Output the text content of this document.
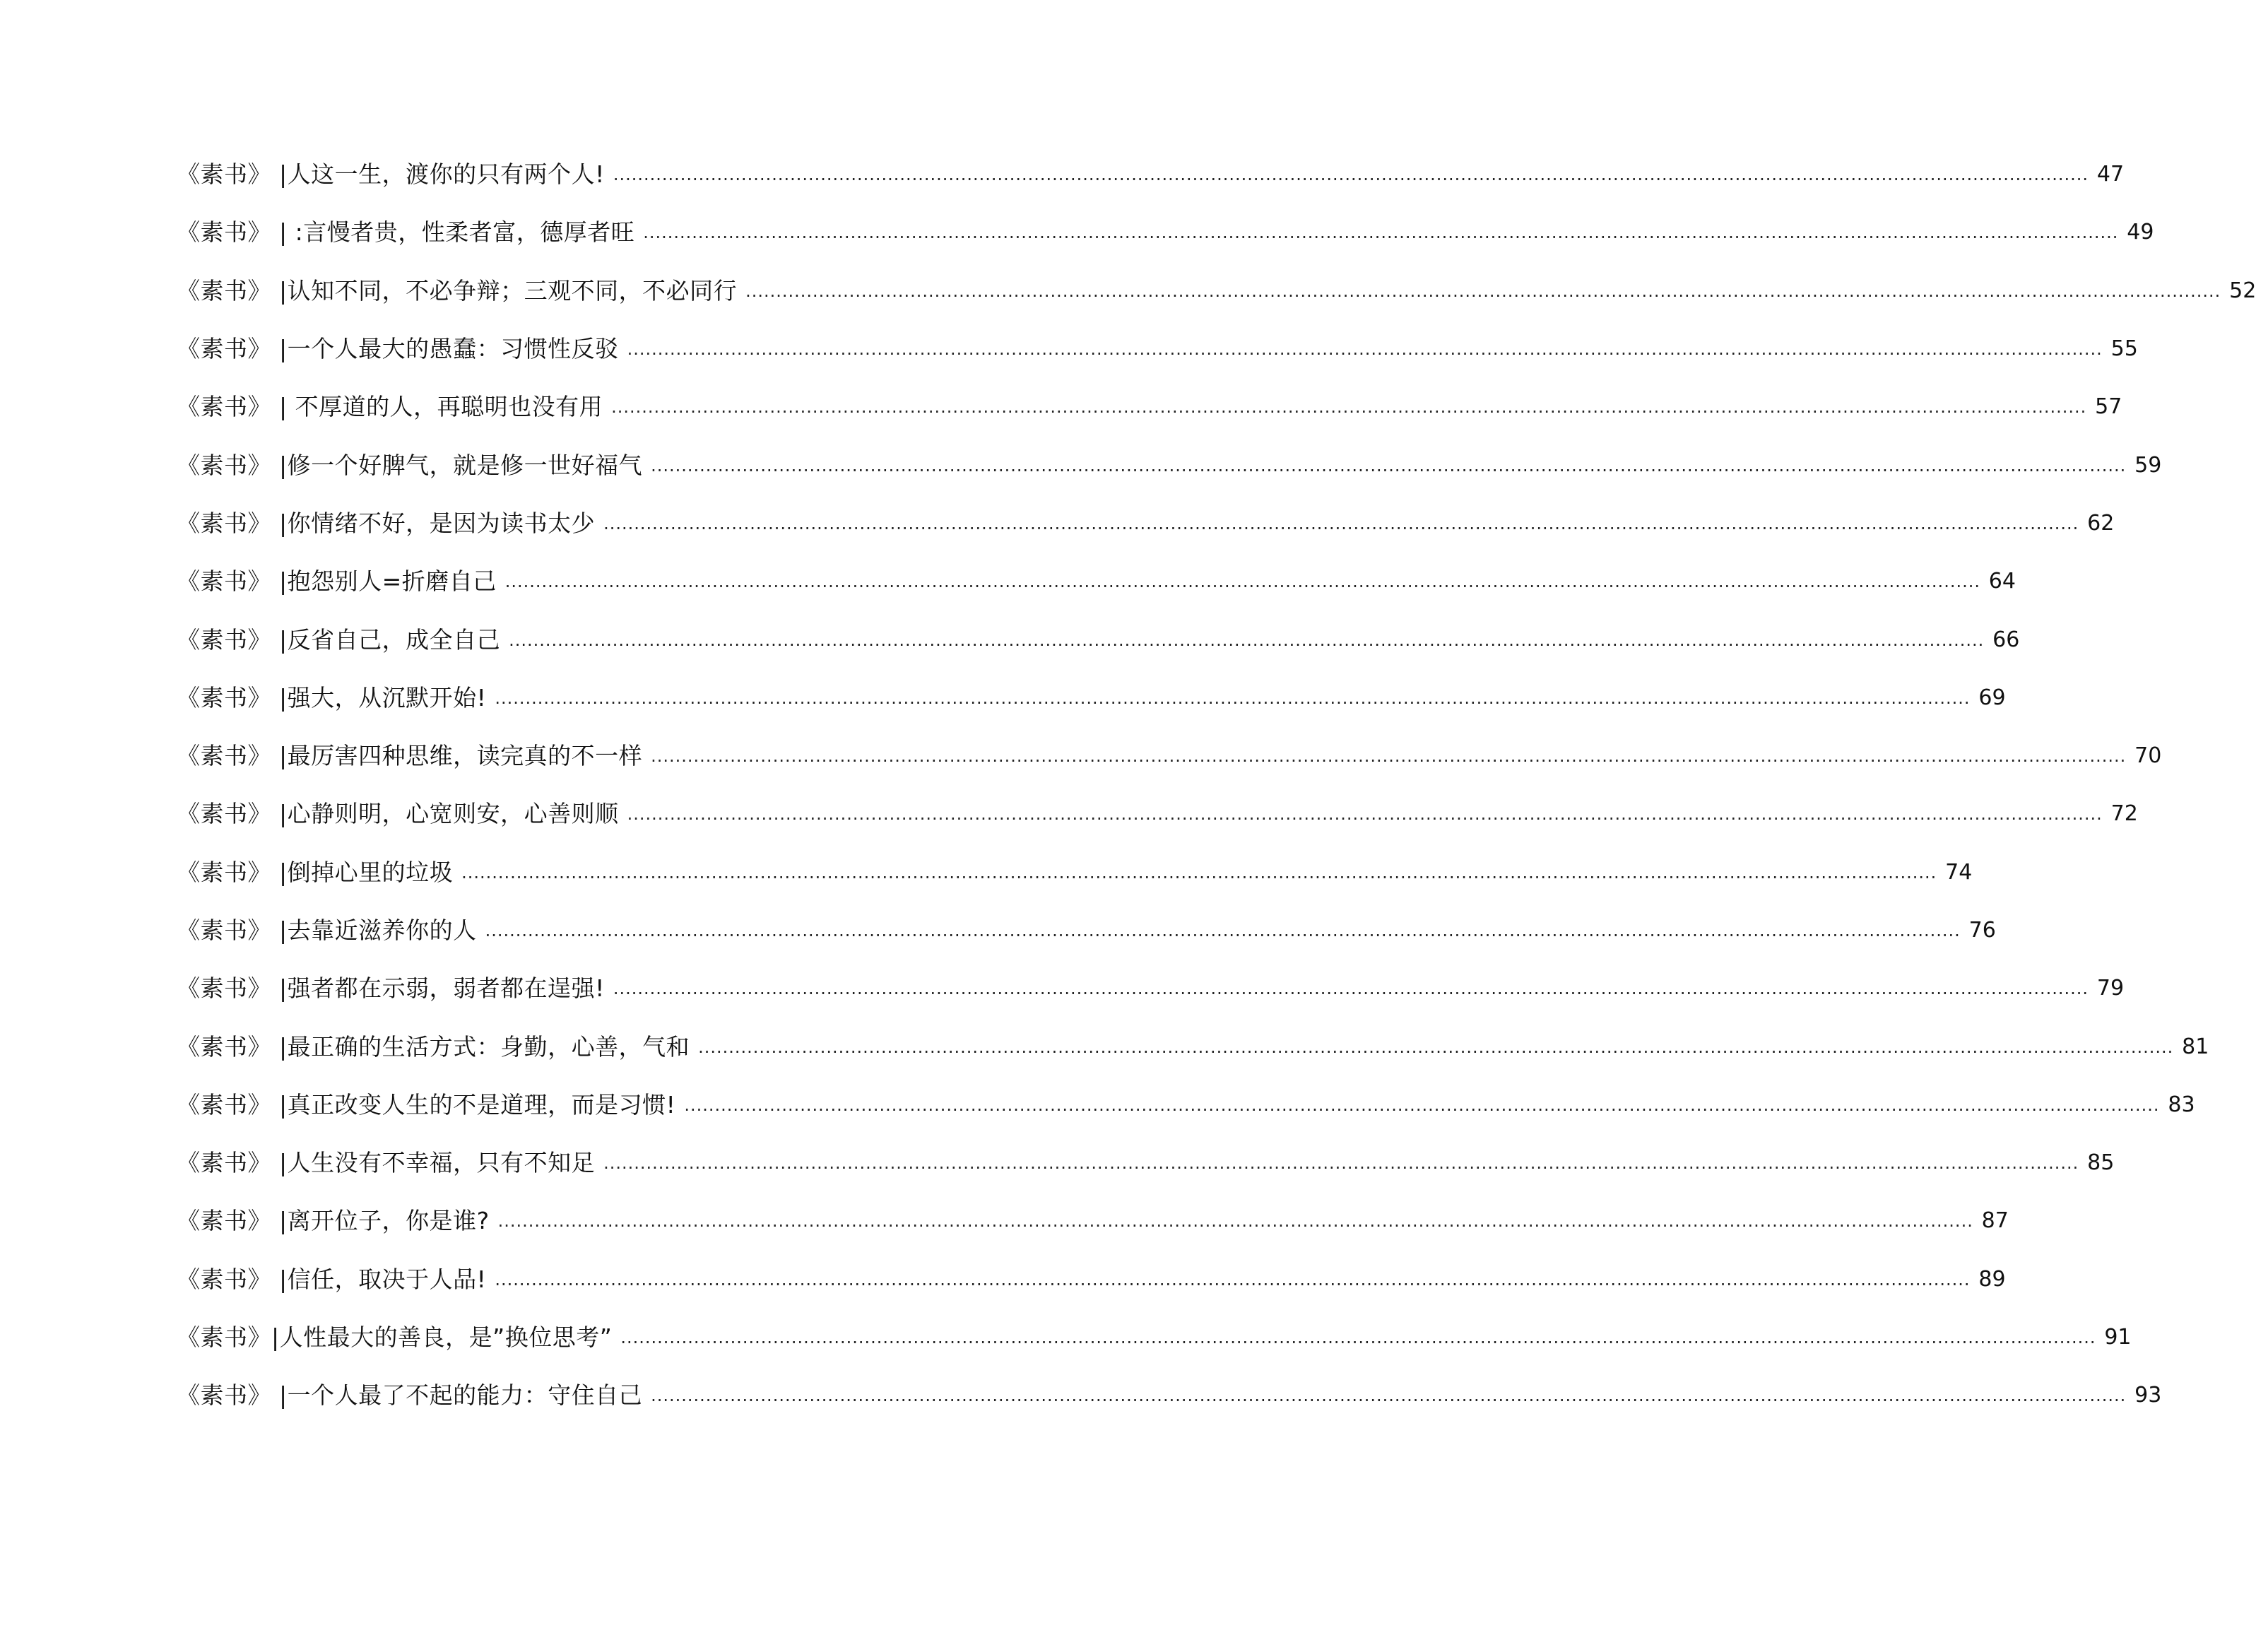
《素书》 |人这一生，渡你的只有两个人! .................................................................................................................................................................................................................................................. 47
《素书》 | :言慢者贵，性柔者富，德厚者旺 .................................................................................................................................................................................................................................................. 49
《素书》 |认知不同，不必争辩；三观不同，不必同行 .................................................................................................................................................................................................................................................. 52
《素书》 |一个人最大的愚蠢：习惯性反驳 .................................................................................................................................................................................................................................................. 55
《素书》 | 不厚道的人，再聪明也没有用 .................................................................................................................................................................................................................................................. 57
《素书》 |修一个好脾气，就是修一世好福气 .................................................................................................................................................................................................................................................. 59
《素书》 |你情绪不好，是因为读书太少 .................................................................................................................................................................................................................................................. 62
《素书》 |抱怨别人=折磨自己 .................................................................................................................................................................................................................................................. 64
《素书》 |反省自己，成全自己 .................................................................................................................................................................................................................................................. 66
《素书》 |强大，从沉默开始! .................................................................................................................................................................................................................................................. 69
《素书》 |最厉害四种思维，读完真的不一样 .................................................................................................................................................................................................................................................. 70
《素书》 |心静则明，心宽则安，心善则顺 .................................................................................................................................................................................................................................................. 72
《素书》 |倒掉心里的垃圾 .................................................................................................................................................................................................................................................. 74
《素书》 |去靠近滋养你的人 .................................................................................................................................................................................................................................................. 76
《素书》 |强者都在示弱，弱者都在逞强! .................................................................................................................................................................................................................................................. 79
《素书》 |最正确的生活方式：身勤，心善，气和 .................................................................................................................................................................................................................................................. 81
《素书》 |真正改变人生的不是道理，而是习惯! .................................................................................................................................................................................................................................................. 83
《素书》 |人生没有不幸福，只有不知足 .................................................................................................................................................................................................................................................. 85
《素书》 |离开位子，你是谁? .................................................................................................................................................................................................................................................. 87
《素书》 |信任，取决于人品! .................................................................................................................................................................................................................................................. 89
《素书》|人性最大的善良，是”换位思考” .................................................................................................................................................................................................................................................. 91
《素书》 |一个人最了不起的能力：守住自己 .................................................................................................................................................................................................................................................. 93
